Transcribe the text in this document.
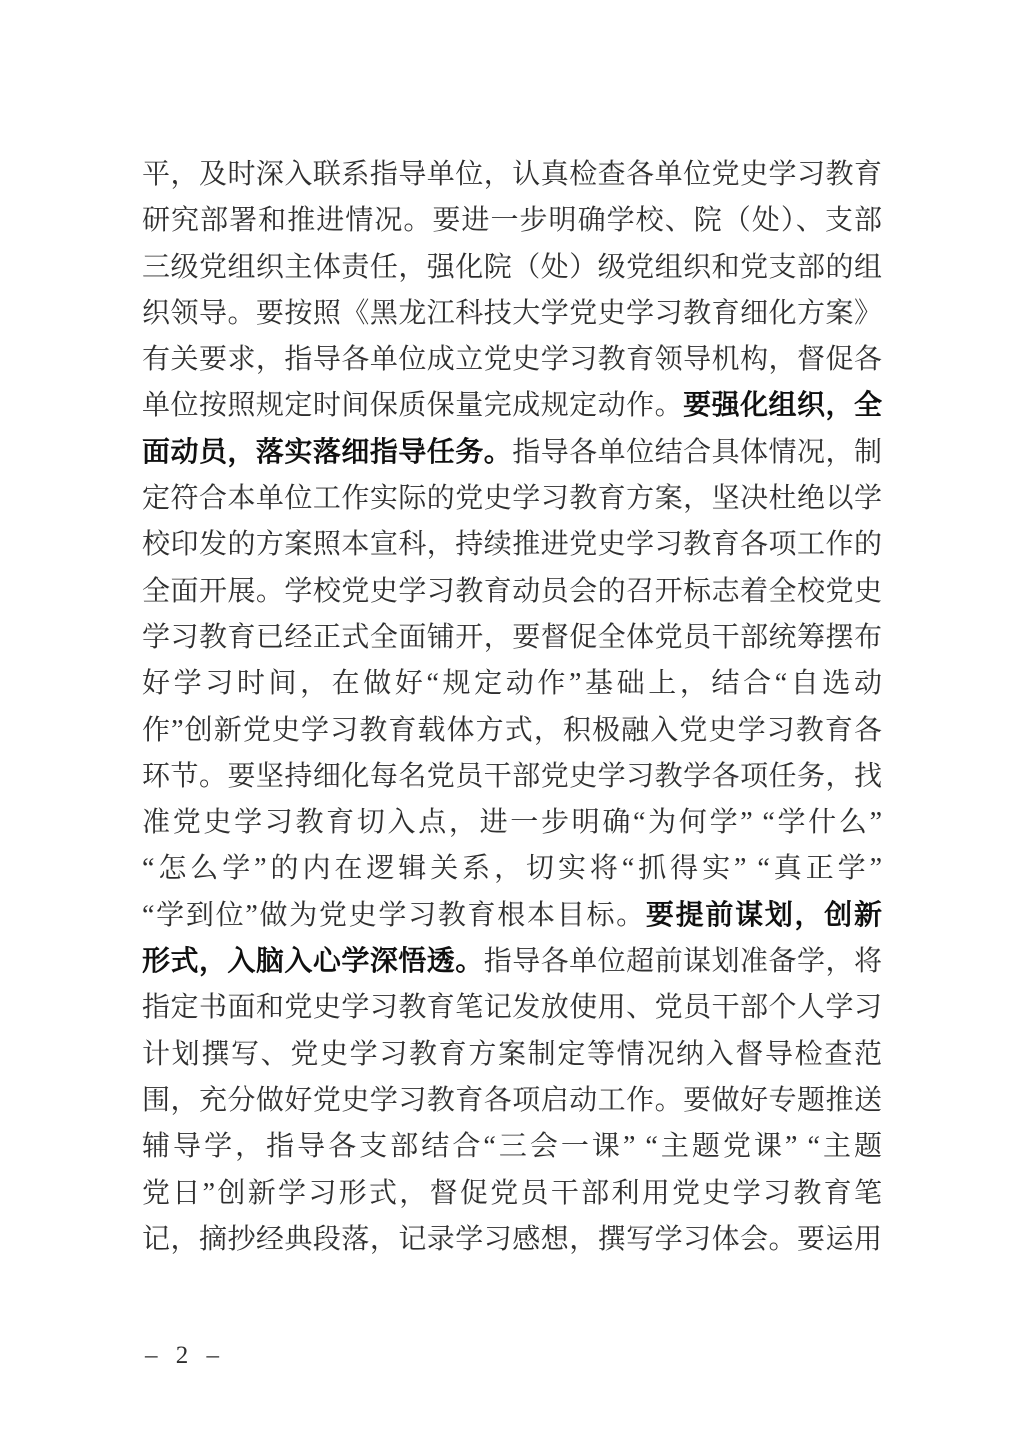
平，及时深入联系指导单位，认真检查各单位党史学习教育
研究部署和推进情况。要进一步明确学校、院（处）、支部
三级党组织主体责任，强化院（处）级党组织和党支部的组
织领导。要按照《黑龙江科技大学党史学习教育细化方案》
有关要求，指导各单位成立党史学习教育领导机构，督促各
单位按照规定时间保质保量完成规定动作。要强化组织，全
面动员，落实落细指导任务。指导各单位结合具体情况，制
定符合本单位工作实际的党史学习教育方案，坚决杜绝以学
校印发的方案照本宣科，持续推进党史学习教育各项工作的
全面开展。学校党史学习教育动员会的召开标志着全校党史
学习教育已经正式全面铺开，要督促全体党员干部统筹摆布
好学习时间，在做好“规定动作”基础上，结合“自选动
作”创新党史学习教育载体方式，积极融入党史学习教育各
环节。要坚持细化每名党员干部党史学习教学各项任务，找
准党史学习教育切入点，进一步明确“为何学” “学什么”
“怎么学”的内在逻辑关系，切实将“抓得实” “真正学”
“学到位”做为党史学习教育根本目标。要提前谋划，创新
形式，入脑入心学深悟透。指导各单位超前谋划准备学，将
指定书面和党史学习教育笔记发放使用、党员干部个人学习
计划撰写、党史学习教育方案制定等情况纳入督导检查范
围，充分做好党史学习教育各项启动工作。要做好专题推送
辅导学，指导各支部结合“三会一课” “主题党课” “主题
党日”创新学习形式，督促党员干部利用党史学习教育笔
记，摘抄经典段落，记录学习感想，撰写学习体会。要运用
– 2 –
